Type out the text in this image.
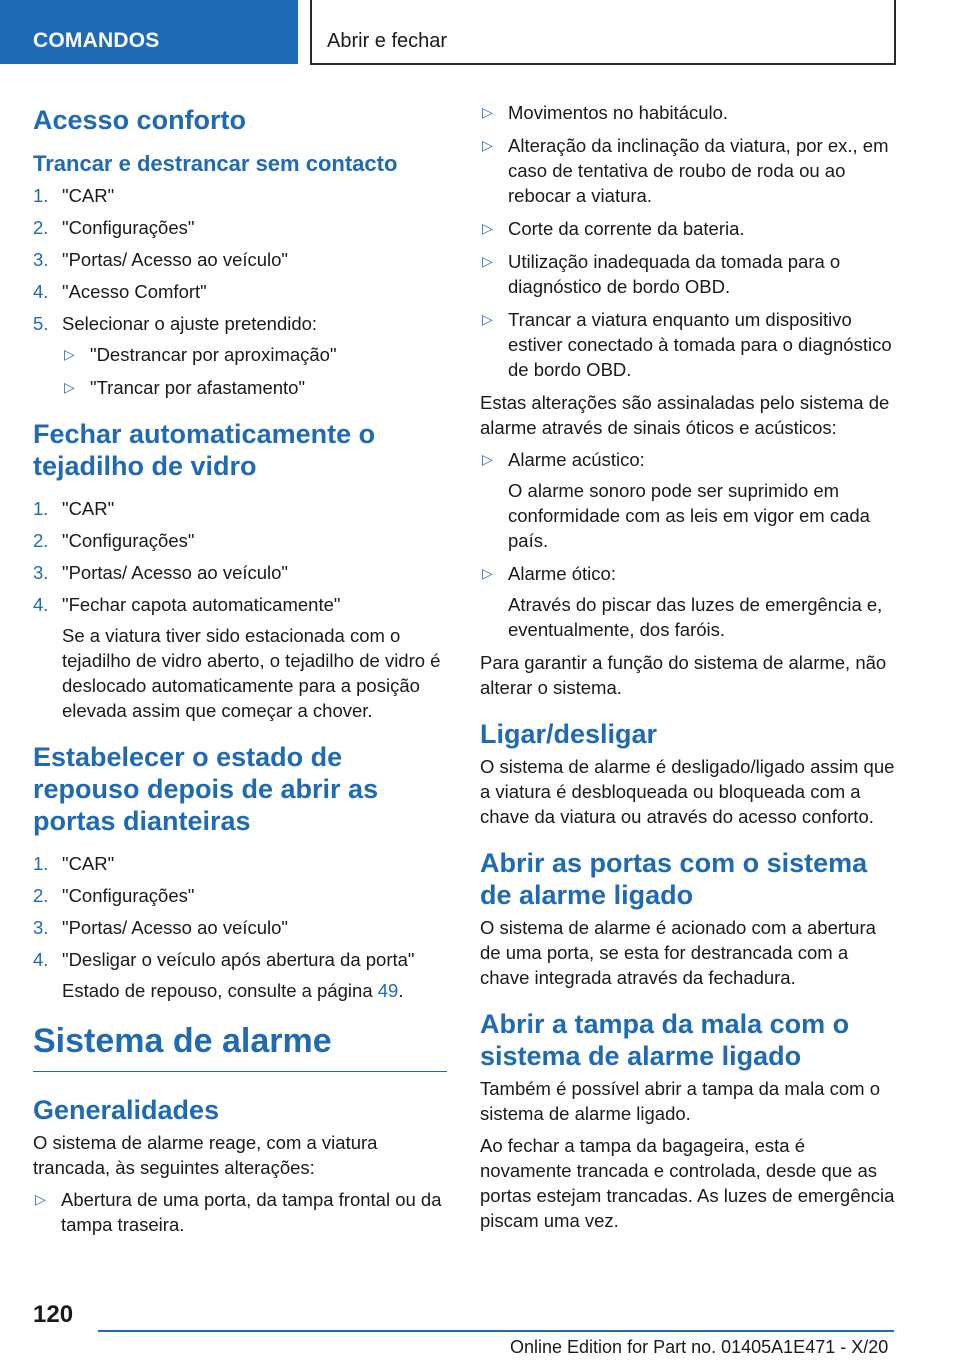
COMANDOS	Abrir e fechar
Acesso conforto
Trancar e destrancar sem contacto
1. "CAR"
2. "Configurações"
3. "Portas/ Acesso ao veículo"
4. "Acesso Comfort"
5. Selecionar o ajuste pretendido:
▷ "Destrancar por aproximação"
▷ "Trancar por afastamento"
Fechar automaticamente o tejadilho de vidro
1. "CAR"
2. "Configurações"
3. "Portas/ Acesso ao veículo"
4. "Fechar capota automaticamente"

Se a viatura tiver sido estacionada com o tejadilho de vidro aberto, o tejadilho de vidro é deslocado automaticamente para a posição elevada assim que começar a chover.

Estabelecer o estado de repouso depois de abrir as portas dianteiras
1. "CAR"
2. "Configurações"
3. "Portas/ Acesso ao veículo"
4. "Desligar o veículo após abertura da porta"

Estado de repouso, consulte a página 49.

Sistema de alarme
Generalidades

O sistema de alarme reage, com a viatura trancada, às seguintes alterações:

▷ Abertura de uma porta, da tampa frontal ou da tampa traseira.
▷ Movimentos no habitáculo.
▷ Alteração da inclinação da viatura, por ex., em caso de tentativa de roubo de roda ou ao rebocar a viatura.
▷ Corte da corrente da bateria.
▷ Utilização inadequada da tomada para o diagnóstico de bordo OBD.
▷ Trancar a viatura enquanto um dispositivo estiver conectado à tomada para o diagnóstico de bordo OBD.

Estas alterações são assinaladas pelo sistema de alarme através de sinais óticos e acústicos:

▷ Alarme acústico:

O alarme sonoro pode ser suprimido em conformidade com as leis em vigor em cada país.

▷ Alarme ótico:

Através do piscar das luzes de emergência e, eventualmente, dos faróis.

Para garantir a função do sistema de alarme, não alterar o sistema.

Ligar/desligar

O sistema de alarme é desligado/ligado assim que a viatura é desbloqueada ou bloqueada com a chave da viatura ou através do acesso conforto.

Abrir as portas com o sistema de alarme ligado

O sistema de alarme é acionado com a abertura de uma porta, se esta for destrancada com a chave integrada através da fechadura.

Abrir a tampa da mala com o sistema de alarme ligado

Também é possível abrir a tampa da mala com o sistema de alarme ligado.

Ao fechar a tampa da bagageira, esta é novamente trancada e controlada, desde que as portas estejam trancadas. As luzes de emergência piscam uma vez.

120
Online Edition for Part no. 01405A1E471 - X/20
